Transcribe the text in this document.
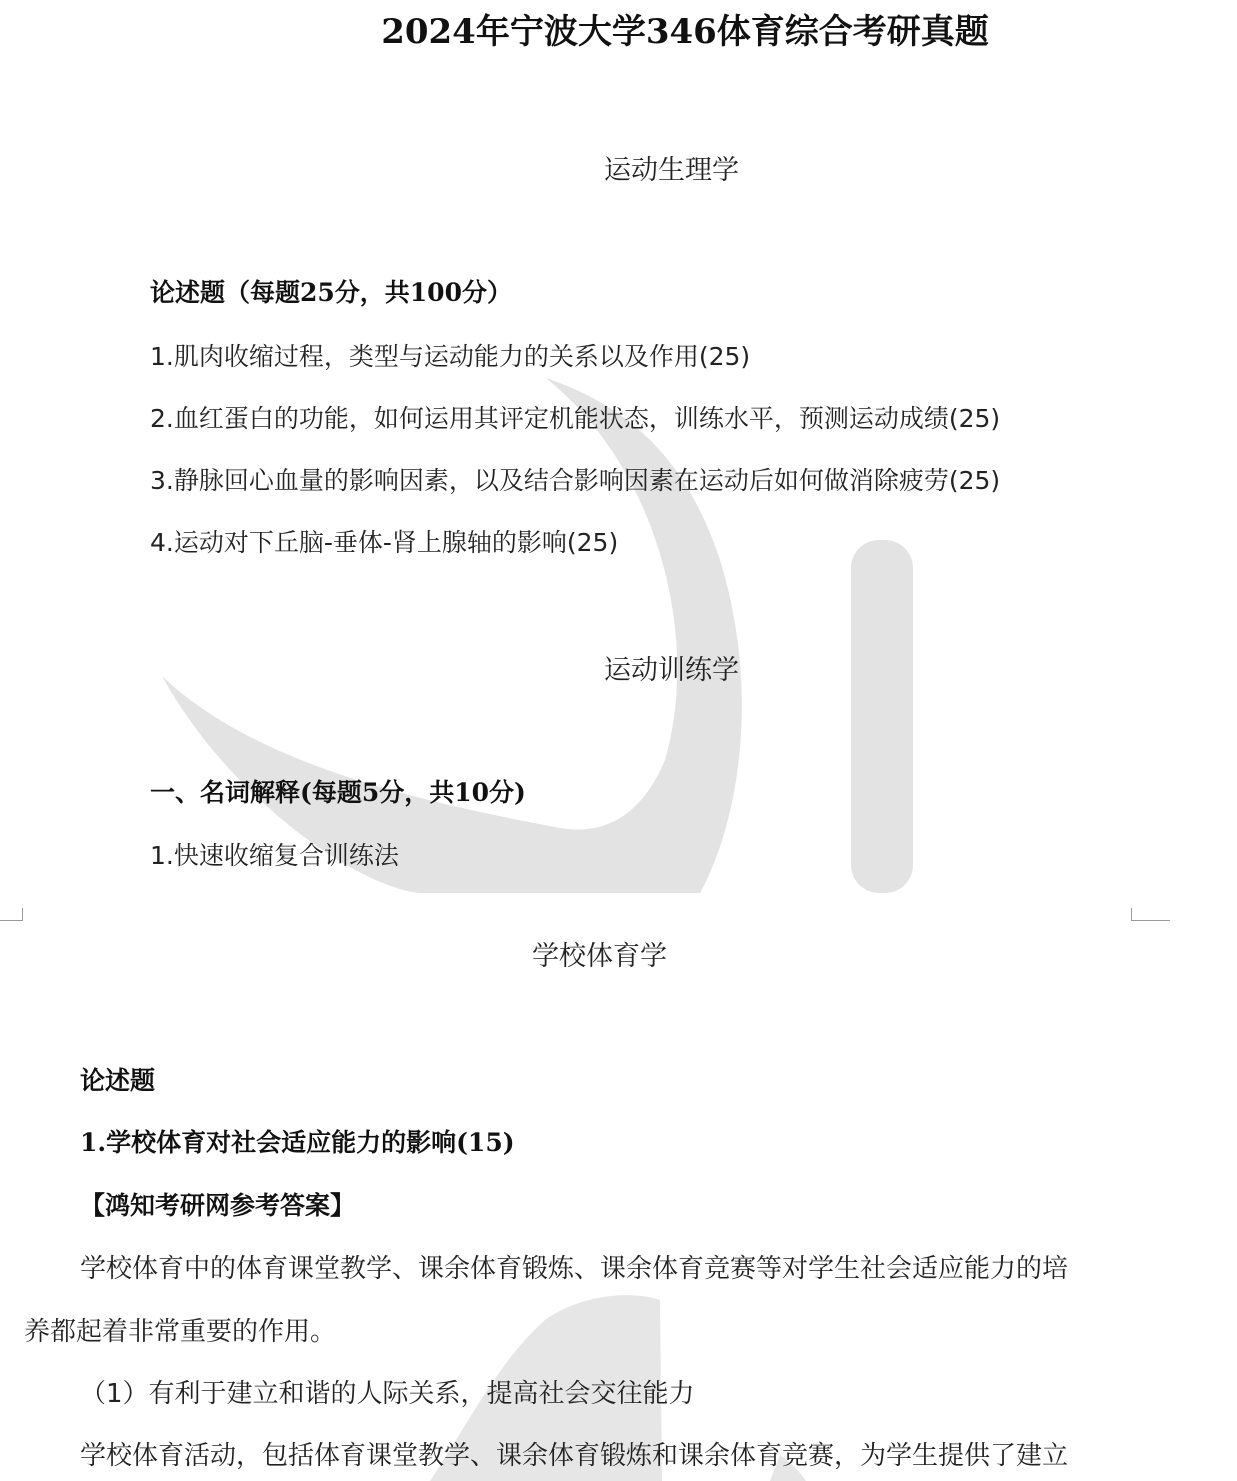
2024年宁波大学346体育综合考研真题
运动生理学
论述题（每题25分，共100分）
1.肌肉收缩过程，类型与运动能力的关系以及作用(25)
2.血红蛋白的功能，如何运用其评定机能状态，训练水平，预测运动成绩(25)
3.静脉回心血量的影响因素，以及结合影响因素在运动后如何做消除疲劳(25)
4.运动对下丘脑-垂体-肾上腺轴的影响(25)
运动训练学
一、名词解释(每题5分，共10分)
1.快速收缩复合训练法
学校体育学
论述题
1.学校体育对社会适应能力的影响(15)
【鸿知考研网参考答案】
学校体育中的体育课堂教学、课余体育锻炼、课余体育竞赛等对学生社会适应能力的培
养都起着非常重要的作用。
（1）有利于建立和谐的人际关系，提高社会交往能力
学校体育活动，包括体育课堂教学、课余体育锻炼和课余体育竞赛，为学生提供了建立
